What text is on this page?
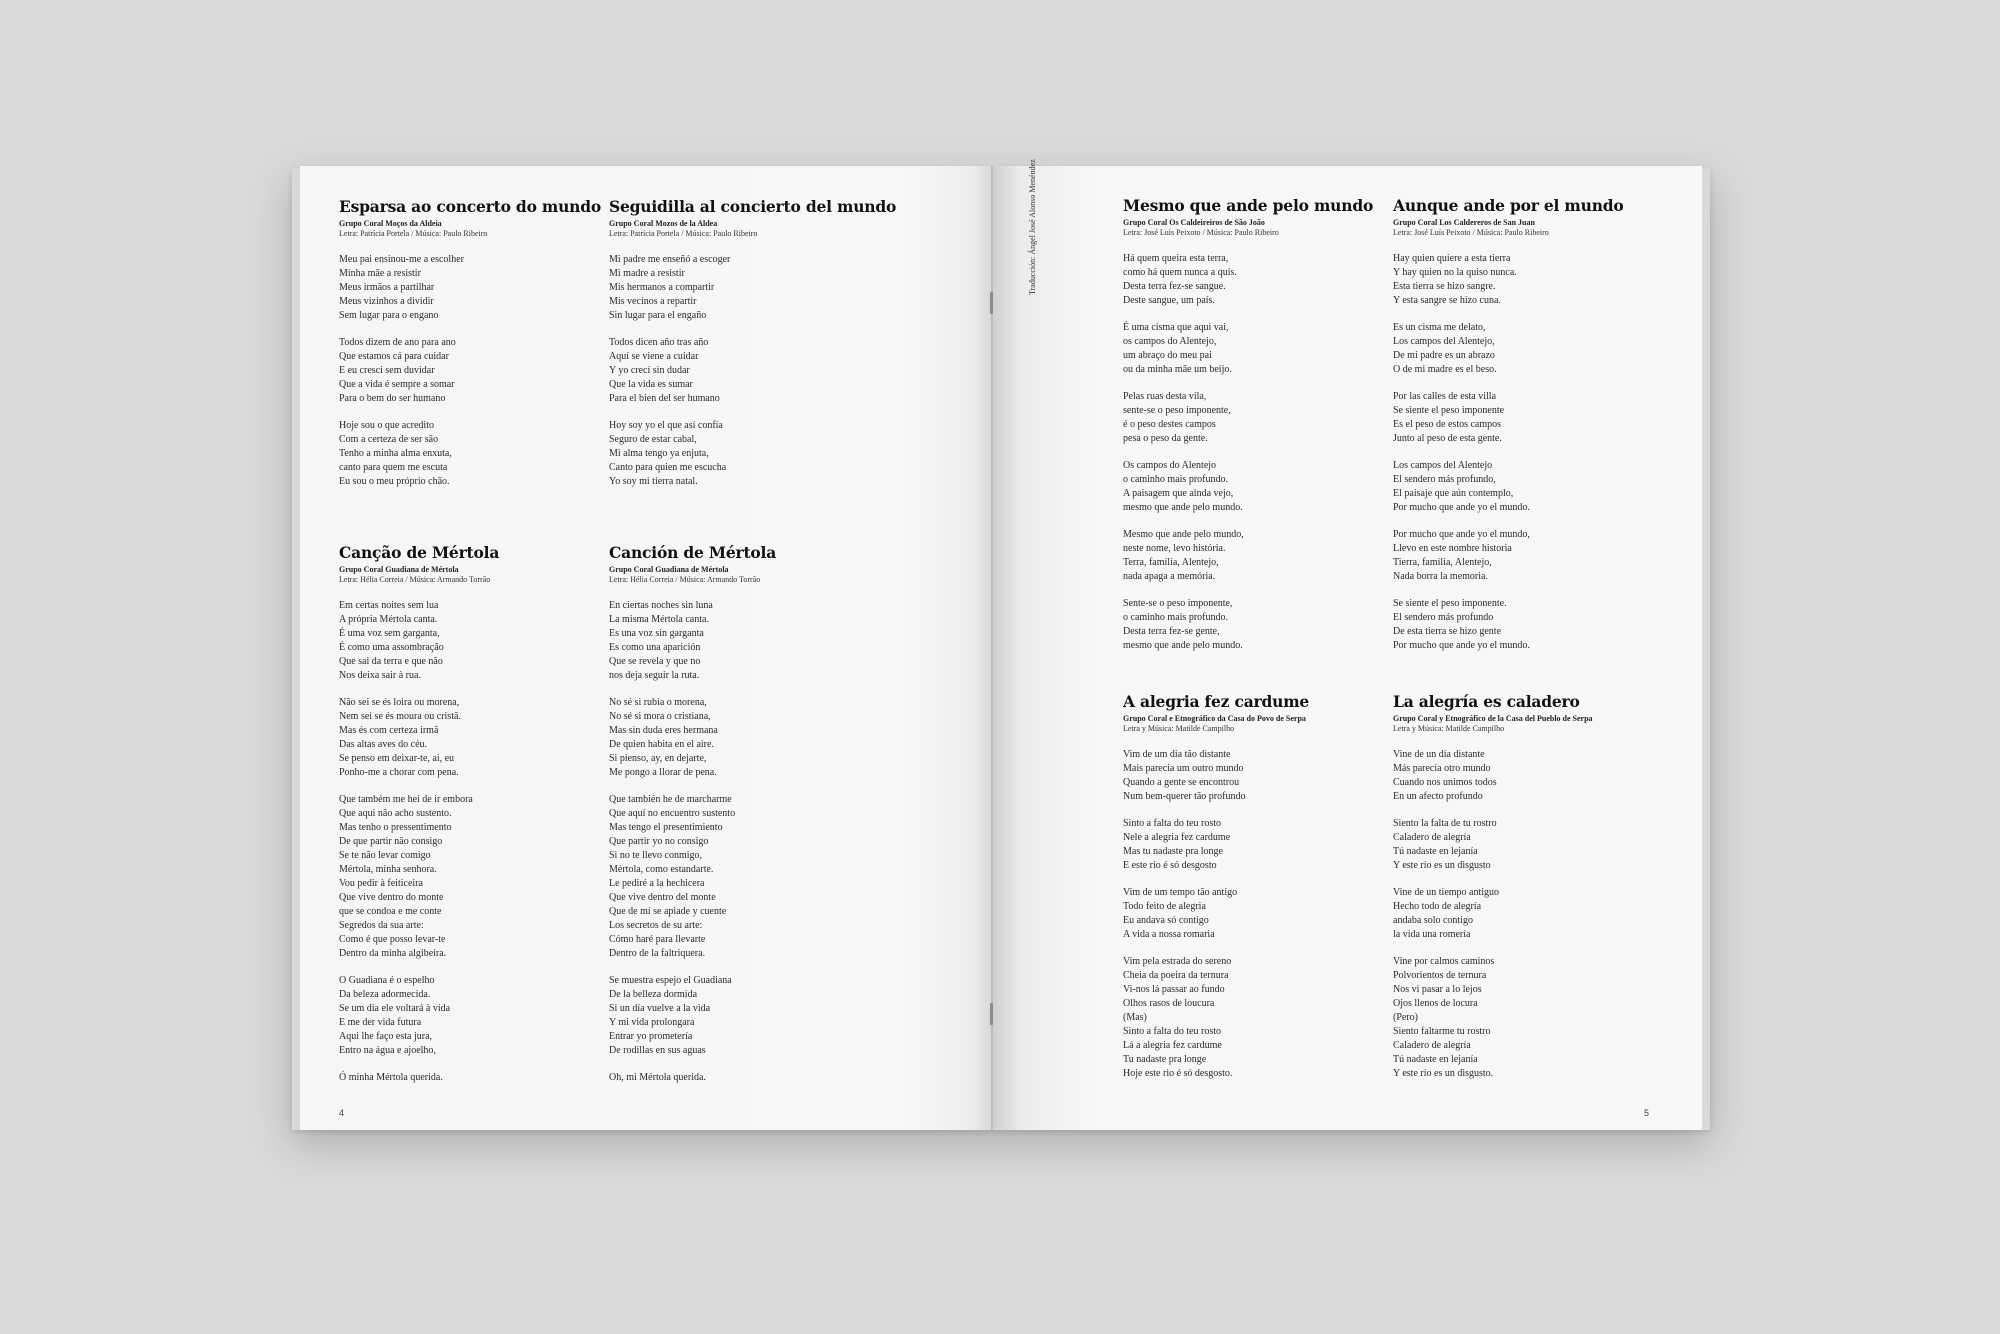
Esparsa ao concerto do mundo
Grupo Coral Moços da Aldeia
Letra: Patrícia Portela / Música: Paulo Ribeiro
Meu pai ensinou-me a escolher
Minha mãe a resistir
Meus irmãos a partilhar
Meus vizinhos a dividir
Sem lugar para o engano
Todos dizem de ano para ano
Que estamos cá para cuidar
E eu cresci sem duvidar
Que a vida é sempre a somar
Para o bem do ser humano
Hoje sou o que acredito
Com a certeza de ser são
Tenho a minha alma enxuta,
canto para quem me escuta
Eu sou o meu próprio chão.
Seguidilla al concierto del mundo
Grupo Coral Mozos de la Aldea
Letra: Patrícia Portela / Música: Paulo Ribeiro
Mi padre me enseñó a escoger
Mi madre a resistir
Mis hermanos a compartir
Mis vecinos a repartir
Sin lugar para el engaño
Todos dicen año tras año
Aquí se viene a cuidar
Y yo crecí sin dudar
Que la vida es sumar
Para el bien del ser humano
Hoy soy yo el que así confía
Seguro de estar cabal,
Mi alma tengo ya enjuta,
Canto para quien me escucha
Yo soy mi tierra natal.
Canção de Mértola
Grupo Coral Guadiana de Mértola
Letra: Hélia Correia / Música: Armando Torrão
Em certas noites sem lua
A própria Mértola canta.
É uma voz sem garganta,
É como uma assombração
Que sai da terra e que não
Nos deixa sair à rua.
Não sei se és loira ou morena,
Nem sei se és moura ou cristã.
Mas és com certeza irmã
Das altas aves do céu.
Se penso em deixar-te, ai, eu
Ponho-me a chorar com pena.
Que também me hei de ir embora
Que aqui não acho sustento.
Mas tenho o pressentimento
De que partir não consigo
Se te não levar comigo
Mértola, minha senhora.
Vou pedir à feiticeira
Que vive dentro do monte
que se condoa e me conte
Segredos da sua arte:
Como é que posso levar-te
Dentro da minha algibeira.
O Guadiana é o espelho
Da beleza adormecida.
Se um dia ele voltará à vida
E me der vida futura
Aqui lhe faço esta jura,
Entro na água e ajoelho,
Ó minha Mértola querida.
Canción de Mértola
Grupo Coral Guadiana de Mértola
Letra: Hélia Correia / Música: Armando Torrão
En ciertas noches sin luna
La misma Mértola canta.
Es una voz sin garganta
Es como una aparición
Que se revela y que no
nos deja seguir la ruta.
No sé si rubia o morena,
No sé si mora o cristiana,
Mas sin duda eres hermana
De quien habita en el aire.
Si pienso, ay, en dejarte,
Me pongo a llorar de pena.
Que también he de marcharme
Que aquí no encuentro sustento
Mas tengo el presentimiento
Que partir yo no consigo
Si no te llevo conmigo,
Mértola, como estandarte.
Le pediré a la hechicera
Que vive dentro del monte
Que de mí se apiade y cuente
Los secretos de su arte:
Cómo haré para llevarte
Dentro de la faltriquera.
Se muestra espejo el Guadiana
De la belleza dormida
Si un día vuelve a la vida
Y mi vida prolongara
Entrar yo prometería
De rodillas en sus aguas
Oh, mi Mértola querida.
4
Mesmo que ande pelo mundo
Grupo Coral Os Caldeireiros de São João
Letra: José Luís Peixoto / Música: Paulo Ribeiro
Há quem queira esta terra,
como há quem nunca a quis.
Desta terra fez-se sangue.
Deste sangue, um país.
É uma cisma que aqui vai,
os campos do Alentejo,
um abraço do meu pai
ou da minha mãe um beijo.
Pelas ruas desta vila,
sente-se o peso imponente,
é o peso destes campos
pesa o peso da gente.
Os campos do Alentejo
o caminho mais profundo.
A paisagem que ainda vejo,
mesmo que ande pelo mundo.
Mesmo que ande pelo mundo,
neste nome, levo história.
Terra, família, Alentejo,
nada apaga a memória.
Sente-se o peso imponente,
o caminho mais profundo.
Desta terra fez-se gente,
mesmo que ande pelo mundo.
Aunque ande por el mundo
Grupo Coral Los Caldereros de San Juan
Letra: José Luís Peixoto / Música: Paulo Ribeiro
Hay quien quiere a esta tierra
Y hay quien no la quiso nunca.
Esta tierra se hizo sangre.
Y esta sangre se hizo cuna.
Es un cisma me delato,
Los campos del Alentejo,
De mi padre es un abrazo
O de mi madre es el beso.
Por las calles de esta villa
Se siente el peso imponente
Es el peso de estos campos
Junto al peso de esta gente.
Los campos del Alentejo
El sendero más profundo,
El paisaje que aún contemplo,
Por mucho que ande yo el mundo.
Por mucho que ande yo el mundo,
Llevo en este nombre historia
Tierra, familia, Alentejo,
Nada borra la memoria.
Se siente el peso imponente.
El sendero más profundo
De esta tierra se hizo gente
Por mucho que ande yo el mundo.
A alegria fez cardume
Grupo Coral e Etnográfico da Casa do Povo de Serpa
Letra y Música: Matilde Campilho
Vim de um dia tão distante
Mais parecia um outro mundo
Quando a gente se encontrou
Num bem-querer tão profundo
Sinto a falta do teu rosto
Nele a alegria fez cardume
Mas tu nadaste pra longe
E este rio é só desgosto
Vim de um tempo tão antigo
Todo feito de alegria
Eu andava só contigo
A vida a nossa romaria
Vim pela estrada do sereno
Cheia da poeira da ternura
Vi-nos lá passar ao fundo
Olhos rasos de loucura
(Mas)
Sinto a falta do teu rosto
Lá a alegria fez cardume
Tu nadaste pra longe
Hoje este rio é só desgosto.
La alegría es caladero
Grupo Coral y Etnográfico de la Casa del Pueblo de Serpa
Letra y Música: Matilde Campilho
Vine de un día distante
Más parecía otro mundo
Cuando nos unimos todos
En un afecto profundo
Siento la falta de tu rostro
Caladero de alegría
Tú nadaste en lejanía
Y este río es un disgusto
Vine de un tiempo antiguo
Hecho todo de alegría
andaba solo contigo
la vida una romería
Vine por calmos caminos
Polvorientos de ternura
Nos vi pasar a lo lejos
Ojos llenos de locura
(Pero)
Siento faltarme tu rostro
Caladero de alegría
Tú nadaste en lejanía
Y este río es un disgusto.
5
Traducción: Ángel José Alonso Menéndez
